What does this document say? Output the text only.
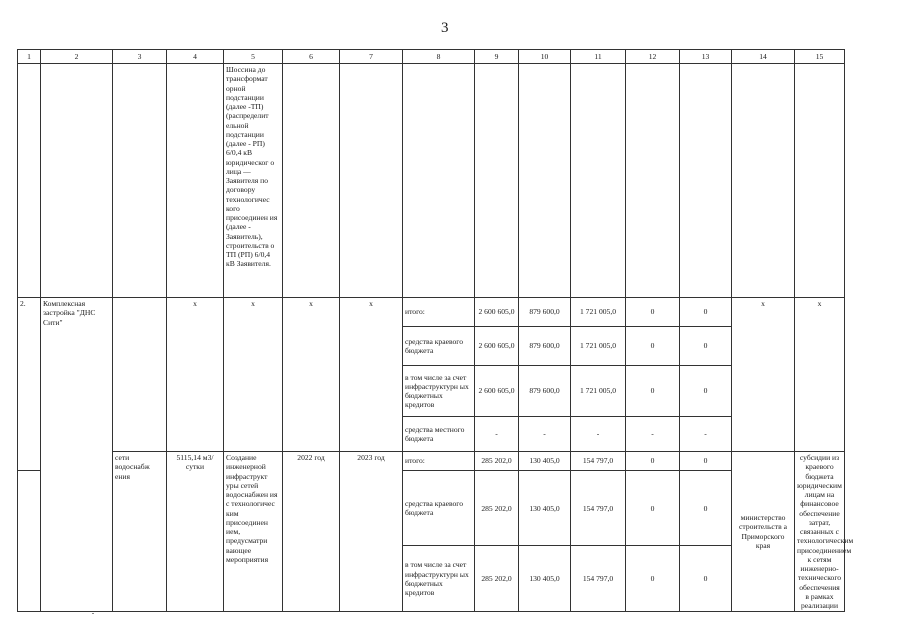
3
1	2	3	4	5	6	7	8	9	10	11	12	13	14	15
				Шоссина до трансформат орной подстанции (далее -ТП) (распределит ельной подстанции (далее - РП) 6/0,4 кВ юридическог о лица — Заявителя по договору технологичес кого присоединен ия (далее - Заявитель), строительств о ТП (РП) 6/0,4 кВ Заявителя.										
2.	Комплексная застройка "ДНС Сити"		х	х	х	х	итого:	2 600 605,0	879 600,0	1 721 005,0	0	0	х	х
							средства краевого бюджета	2 600 605,0	879 600,0	1 721 005,0	0	0		
							в том числе за счет инфраструктурн ых бюджетных кредитов	2 600 605,0	879 600,0	1 721 005,0	0	0		
							средства местного бюджета	-	-	-	-	-		
		сети водоснабж ения	5115,14 м3/сутки	Создание инженерной инфраструкт уры сетей водоснабжен ия с технологичес ким присоединен ием, предусматри вающее мероприятия	2022 год	2023 год	итого:	285 202,0	130 405,0	154 797,0	0	0	министерство строительств а Приморского края	субсидии из краевого бюджета юридическим лицам на финансовое обеспечение затрат, связанных с технологическим присоединением к сетям инженерно-технического обеспечения в рамках реализации
							средства краевого бюджета	285 202,0	130 405,0	154 797,0	0	0		
							в том числе за счет инфраструктурн ых бюджетных кредитов	285 202,0	130 405,0	154 797,0	0	0		
